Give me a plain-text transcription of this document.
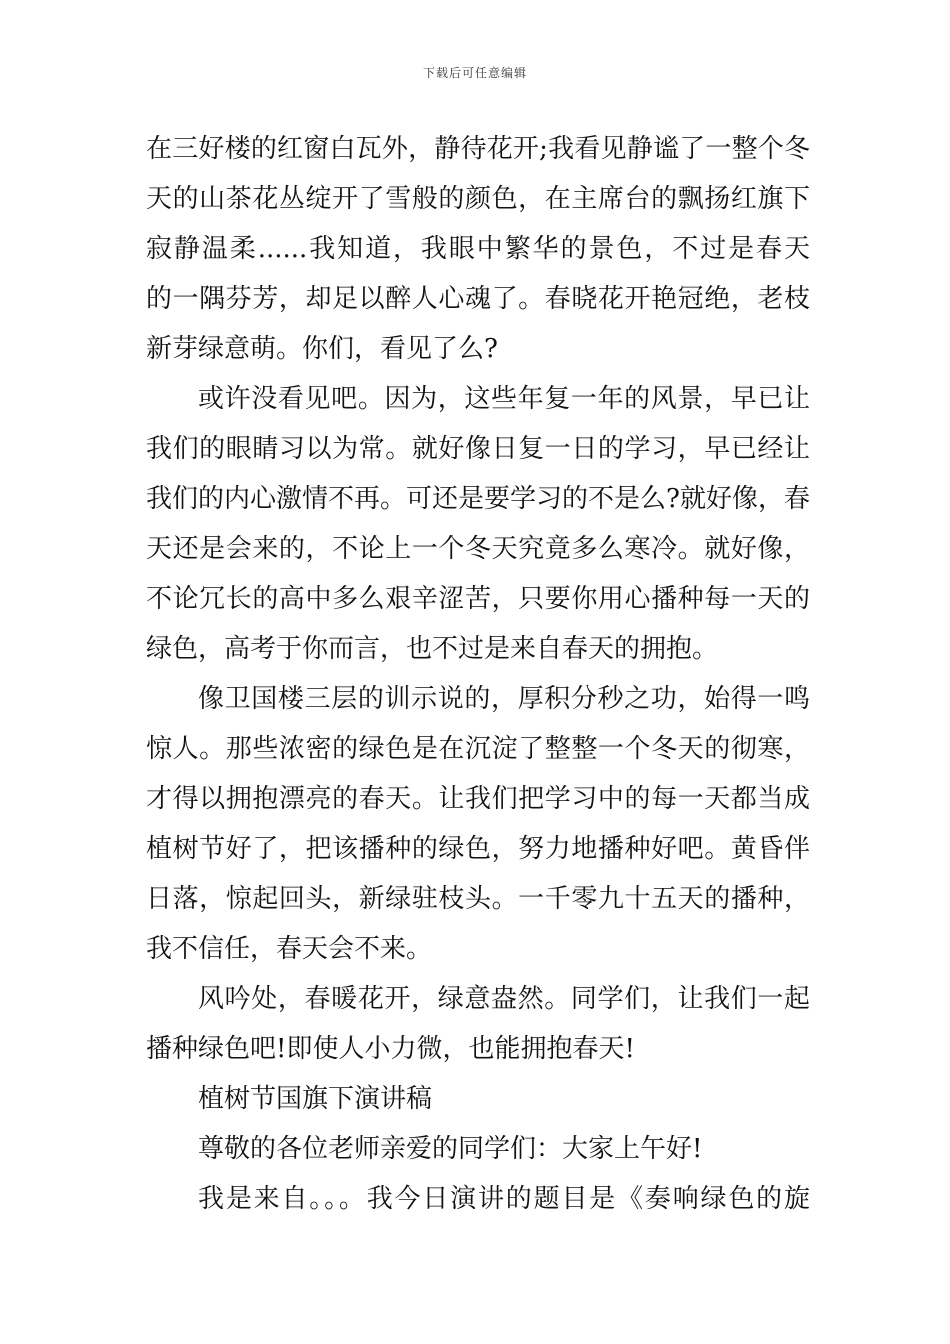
下载后可任意编辑
在三好楼的红窗白瓦外，静待花开;我看见静谧了一整个冬
天的山茶花丛绽开了雪般的颜色，在主席台的飘扬红旗下
寂静温柔......我知道，我眼中繁华的景色，不过是春天
的一隅芬芳，却足以醉人心魂了。春晓花开艳冠绝，老枝
新芽绿意萌。你们，看见了么?
或许没看见吧。因为，这些年复一年的风景，早已让
我们的眼睛习以为常。就好像日复一日的学习，早已经让
我们的内心激情不再。可还是要学习的不是么?就好像，春
天还是会来的，不论上一个冬天究竟多么寒冷。就好像，
不论冗长的高中多么艰辛涩苦，只要你用心播种每一天的
绿色，高考于你而言，也不过是来自春天的拥抱。
像卫国楼三层的训示说的，厚积分秒之功，始得一鸣
惊人。那些浓密的绿色是在沉淀了整整一个冬天的彻寒，
才得以拥抱漂亮的春天。让我们把学习中的每一天都当成
植树节好了，把该播种的绿色，努力地播种好吧。黄昏伴
日落，惊起回头，新绿驻枝头。一千零九十五天的播种，
我不信任，春天会不来。
风吟处，春暖花开，绿意盎然。同学们，让我们一起
播种绿色吧!即使人小力微，也能拥抱春天!
植树节国旗下演讲稿
尊敬的各位老师亲爱的同学们：大家上午好!
我是来自。。。我今日演讲的题目是《奏响绿色的旋
